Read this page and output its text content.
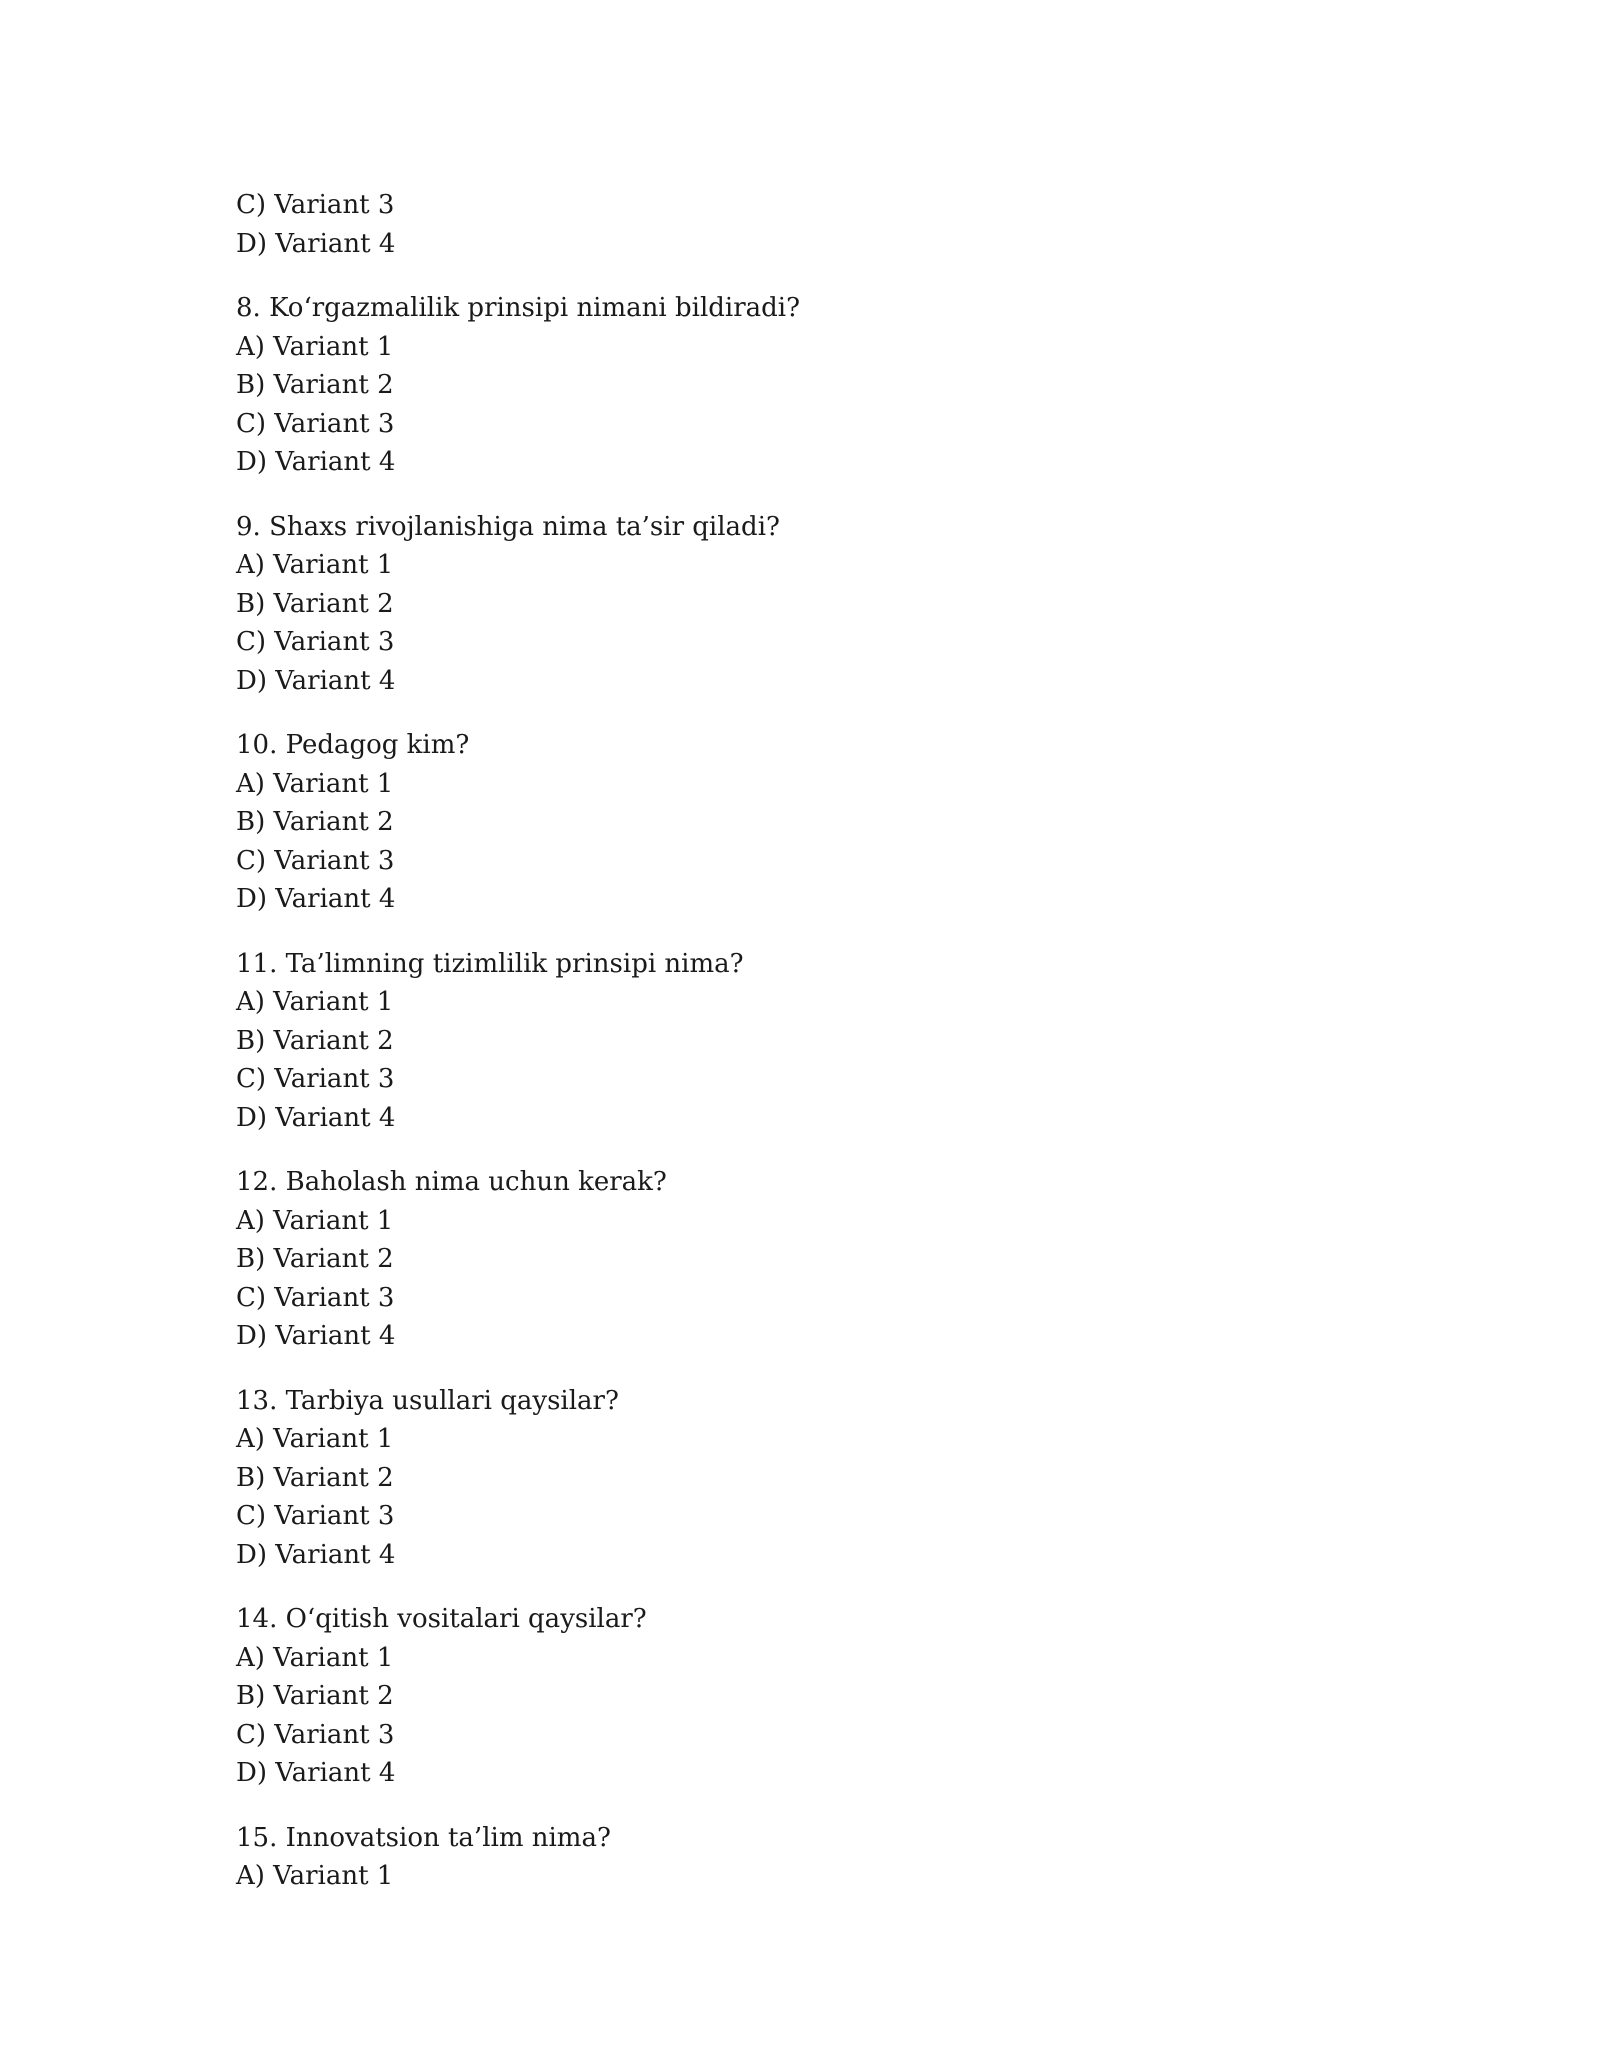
C) Variant 3
D) Variant 4
8. Ko‘rgazmalilik prinsipi nimani bildiradi?
A) Variant 1
B) Variant 2
C) Variant 3
D) Variant 4
9. Shaxs rivojlanishiga nima ta’sir qiladi?
A) Variant 1
B) Variant 2
C) Variant 3
D) Variant 4
10. Pedagog kim?
A) Variant 1
B) Variant 2
C) Variant 3
D) Variant 4
11. Ta’limning tizimlilik prinsipi nima?
A) Variant 1
B) Variant 2
C) Variant 3
D) Variant 4
12. Baholash nima uchun kerak?
A) Variant 1
B) Variant 2
C) Variant 3
D) Variant 4
13. Tarbiya usullari qaysilar?
A) Variant 1
B) Variant 2
C) Variant 3
D) Variant 4
14. O‘qitish vositalari qaysilar?
A) Variant 1
B) Variant 2
C) Variant 3
D) Variant 4
15. Innovatsion ta’lim nima?
A) Variant 1
